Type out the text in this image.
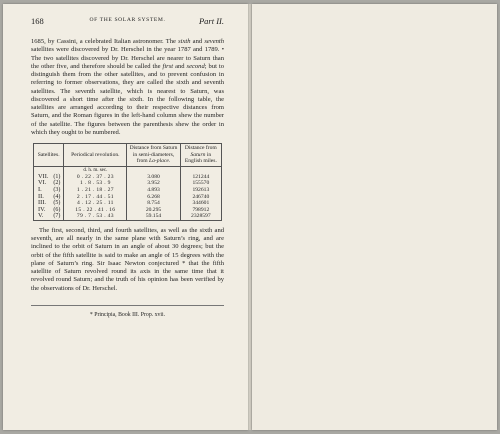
168	OF THE SOLAR SYSTEM.	Part II.

1685, by Cassini, a celebrated Italian astronomer. The sixth and seventh satellites were discovered by Dr. Herschel in the year 1787 and 1789. • The two satellites discovered by Dr. Herschel are nearer to Saturn than the other five, and therefore should be called the first and second; but to distinguish them from the other satellites, and to prevent confusion in referring to former observations, they are called the sixth and seventh satellites. The seventh satellite, which is nearest to Saturn, was discovered a short time after the sixth. In the following table, the satellites are arranged according to their respective distances from Saturn, and the Roman figures in the left-hand column shew the number of the satellite. The figures between the parenthesis shew the order in which they ought to be numbered.

Satellites.		Periodical revolution.	Distance from Saturn in semi-diameters, from La-place.	Distance from Saturn in English miles.
		d. h. m. sec.		
VII.	(1)	0 . 22 . 37 . 23	3.080	121244
VI.	(2)	1 . 8 . 53 . 9	3.952	155570
I.	(3)	1 . 21 . 18 . 27	4.893	192613
II.	(4)	2 . 17 . 44 . 51	6.268	246740
III.	(5)	4 . 12 . 25 . 11	8.754	344601
IV.	(6)	15 . 22 . 41 . 16	20.295	798912
V.	(7)	79 . 7 . 53 . 43	59.154	2328597

The first, second, third, and fourth satellites, as well as the sixth and seventh, are all nearly in the same plane with Saturn’s ring, and are inclined to the orbit of Saturn in an angle of about 30 degrees; but the orbit of the fifth satellite is said to make an angle of 15 degrees with the plane of Saturn’s ring. Sir Isaac Newton conjectured * that the fifth satellite of Saturn revolved round its axis in the same time that it revolved round Saturn; and the truth of his opinion has been verified by the observations of Dr. Herschel.

* Principia, Book III. Prop. xvii.
